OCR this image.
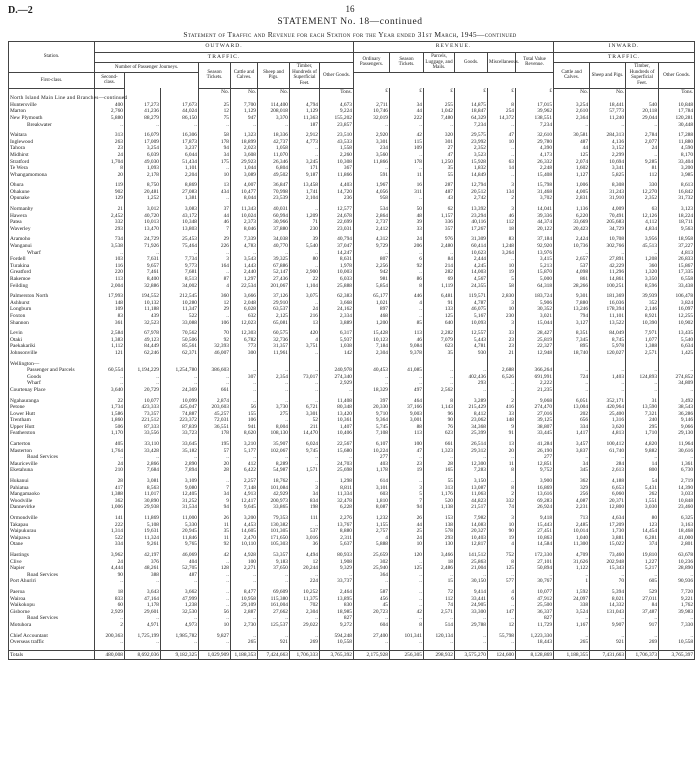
D.—2	16
STATEMENT No. 18—continued
Statement of Traffic and Revenue for each Station for the Year ended 31st March, 1945—continued
Station.	OUTWARD.								REVENUE.						INWARD.			
	TRAFFIC.								Ordinary Passengers.	Season Tickets.	Parcels, Luggage, and Mails.	Goods.	Miscellaneous.	Total Value Revenue.	TRAFFIC.			
	Number of Passenger Journeys.			Season Tickets.	Cattle and Calves.	Sheep and Pigs.	Timber, Hundreds of Superficial Feet.	Other Goods.							Cattle and Calves.	Sheep and Pigs.	Timber, Hundreds of Superficial Feet.	Other Goods.
First-class.	Second-class.																	
				No.	No.	No.		Tons.	£	£	£	£	£	£	No.	No.		Tons.
North Island Main Line and Branches—continued																		
Huntersville	400	17,273	17,673	25	7,700	114,400	4,794	4,673	2,711	34	255	14,875	8	17,015	3,254	18,441	540	10,848
Marton	2,760	41,236	44,024	12	1,129	208,018	1,129	9,224	10,746	44	1,042	18,847	254	39,962	2,610	57,773	20,118	17,784
New Plymouth	5,880	88,279	86,150	75	947	3,370	11,363	155,202	32,019	222	7,480	64,329	14,372	138,551	2,364	11,240	29,044	120,281
Breakwater	..	..	..	..	..	..	187	23,857	..	..	..	7,234	..	7,234	..	..	..	30,448

Waitara	313	16,079	16,306	58	1,323	18,336	2,912	23,510	2,920	42	320	29,575	47	32,610	30,581	284,313	2,784	17,288
Inglewood	263	17,009	17,873	178	18,899	42,737	4,773	43,533	3,301	115	301	23,992	10	29,780	487	4,136	2,077	11,880
Tahora	23	3,254	3,237	94	2,023	1,058	..	1,558	234	109	27	2,352	..	4,390	44	3,152	24	4,590
Midhirst	24	6,039	6,044	34	3,608	11,070	..	2,260	3,560	..	47	3,523	..	4,173	125	2,299	..	8,170
Stratford	1,704	49,030	51,434	175	29,923	26,346	3,245	10,308	11,866	178	1,250	15,928	63	26,332	2,074	10,694	9,285	33,404
Te Wera	8	1,093	1,101	..	1,044	6,804	171	367	..	..	35	1,832	14	2,248	1,602	3,341	81	3,200
Whangamomona	20	2,178	2,204	10	3,089	49,502	9,187	11,866	591	11	55	14,849	..	15,408	1,127	5,825	112	3,985

Ohura	119	8,750	8,869	13	4,007	36,847	13,458	4,403	1,967	16	287	12,794	3	15,798	1,006	8,308	330	8,613
Ohakune	902	20,481	27,083	434	10,477	70,998	1,741	14,720	4,056	311	487	20,512	134	31,468	4,005	31,243	12,270	16,842
Opunake	129	1,252	1,381	..	8,044	23,539	2,104	236	958	..	43	2,742	2	3,702	2,831	31,910	2,352	31,732

Normanby	21	3,012	3,083	37	11,343	40,031	..	12,577	534	50	62	13,392	3	14,041	1,136	4,009	63	3,123
Hawera	2,452	40,720	43,172	44	10,024	60,994	1,209	24,678	2,864	48	1,157	23,294	46	39,336	6,220	70,491	12,126	18,224
Patea	332	10,013	10,348	46	2,373	30,966	71	22,699	2,737	39	336	40,116	112	44,374	33,669	205,683	4,112	18,711
Waverley	293	13,470	13,803	7	8,046	37,880	230	23,031	2,412	33	357	17,267	18	20,122	20,423	34,729	4,834	9,563

Aramoho	734	24,729	25,453	29	7,339	34,038	39	40,794	4,312	24	976	31,309	83	37,184	2,424	10,708	3,956	18,958
Wanganui	3,538	71,926	75,464	226	4,783	40,770	5,540	37,047	9,729	206	2,480	60,414	1,248	92,920	10,736	302,766	45,513	37,227
Wharf	..	..	..	..	..	..	..	14,247	..	..	..	10,623	3,264	13,976	..	..	..	4,813
Fordell	103	7,631	7,734	3	3,543	39,325	80	8,631	807	6	84	2,444	..	3,415	2,657	27,891	1,208	26,833
Turakina	116	9,657	9,773	164	1,443	67,886	..	1,978	2,256	92	214	4,245	10	5,213	537	42,229	360	15,867
Greatford	220	7,461	7,681	..	2,440	52,147	2,900	10,003	942	..	282	14,003	19	15,870	4,098	11,296	1,320	17,335
Rakemoe	113	8,400	8,513	87	1,297	27,436	22	6,033	981	86	69	4,567	5	5,000	861	14,861	3,350	6,558
Feilding	2,004	32,886	34,002	4	22,534	201,067	1,104	25,888	5,854	8	1,119	24,355	58	64,318	28,266	100,251	8,596	33,438

Palmerston North	17,993	194,552	212,545	360	3,666	37,126	3,075	62,383	65,177	446	6,481	119,571	2,830	183,724	9,301	181,369	39,939	106,478
Ashhurst	148	10,132	10,280	12	2,048	29,910	..	3,668	1,021	4	91	4,787	3	5,906	7,880	16,036	352	3,824
Longburn	109	11,188	11,347	29	6,028	63,537	24	24,162	897	..	133	46,075	10	30,352	13,246	178,394	2,146	16,097
Foxton	83	439	522	..	632	2,125	216	2,334	468	..	125	5,167	230	3,021	794	11,101	8,921	12,255
Shannon	361	32,523	33,088	106	12,023	65,081	13	3,889	1,200	85	640	10,093	3	15,044	3,127	13,522	10,390	10,902

Levin	2,584	67,978	70,562	70	12,303	60,575	420	6,317	15,428	113	2,282	12,557	33	28,427	8,351	84,049	7,971	13,435
Otaki	1,383	49,123	50,506	92	6,782	32,736	4	5,937	10,123	46	7,079	5,443	23	25,819	7,345	8,745	1,077	5,540
Paekakariki	1,112	84,449	85,561	32,393	773	31,357	3,751	1,038	7,184	9,084	623	4,781	23	22,327	895	5,978	1,388	6,634
Johnsonville	121	62,246	62,371	46,007	300	11,961	..	142	2,304	9,378	35	930	21	12,948	18,740	120,027	2,571	1,425

Wellington—																		
Passenger and Parcels	60,554	1,194,229	1,254,780	386,603	..	..	..	240,978	40,453	41,085	..	..	2,688	366,264	..	..	..	..
Goods	..	..	..	..	307	2,354	73,017	274,340	..	..	..	402,436	6,526	691,991	724	1,403	124,893	274,852
Wharf	..	..	..	..	..	..	..	2,929	..	..	..	293	..	2,222	..	..	..	34,809
Courtenay Place	3,640	20,729	24,369	661	..	..	..	..	18,329	497	2,562	..	..	21,235	..	..	..	..

Ngahauranga	22	10,077	10,099	2,874	..	..	..	11,408	397	464	8	3,289	2	9,068	6,051	352,171	31	3,492
Petone	1,734	423,333	425,047	203,603	56	3,730	6,721	80,348	20,330	37,166	1,143	215,429	416	274,470	13,004	420,964	13,590	38,543
Lower Hutt	1,586	73,357	74,887	45,257	155	275	3,301	13,420	9,710	9,003	96	8,412	33	27,016	202	25,400	7,321	36,286
Trentham	1,860	221,512	223,372	72,031	106	..	52	10,361	9,364	3,001	90	23,062	148	39,125	656	1,316	240	9,146
Upper Hutt	506	87,333	87,839	36,551	941	8,004	211	1,407	5,745	88	76	34,368	9	38,807	334	3,620	295	9,066
Featherston	1,170	33,556	33,723	178	8,620	108,130	14,470	10,406	7,108	113	623	25,399	91	33,445	1,417	4,813	1,710	29,130

Carterton	405	33,110	33,645	195	3,210	35,907	6,024	22,567	6,107	100	661	26,514	13	41,284	3,457	100,412	4,820	11,964
Masterton	1,764	33,428	35,182	57	5,177	102,067	9,745	15,680	10,224	47	1,323	29,312	20	26,190	3,837	61,740	9,882	30,616
Road Services	..	..	..	..	..	..	..	..	277	..	..	..	..	277	..	..	..	..
Mauriceville	24	2,866	2,890	20	412	8,289	..	24,703	403	23	28	12,300	11	12,851	34	284	14	1,361
Eketahuna	210	7,684	7,894	28	6,422	54,987	1,571	25,698	1,178	19	165	7,283	8	9,752	345	2,613	800	6,730

Hukanui	28	3,081	3,109	..	2,257	18,762	..	1,298	614	..	55	3,150	..	3,900	362	4,188	54	2,719
Pahiatua	417	8,563	9,080	7	7,148	101,084	3	8,811	3,101	3	313	13,087	8	16,869	329	6,653	5,431	14,390
Mangamaoko	1,388	11,017	12,405	34	4,913	42,929	34	11,334	603	5	1,176	11,063	2	13,616	256	6,060	262	3,033
Woodville	362	30,890	31,252	9	12,417	200,973	834	32,478	1,810	7	520	44,823	332	69,283	4,087	20,371	1,551	10,848
Dannevirke	1,006	29,938	31,534	94	9,645	33,865	198	6,228	8,087	94	1,138	21,517	74	26,924	2,231	12,800	3,030	23,460

Ormondville	141	11,869	11,000	26	3,200	79,353	111	2,276	1,232	26	153	7,982	3	9,418	713	4,634	80	6,325
Takapau	222	5,108	5,330	11	4,453	130,382	..	13,767	1,155	44	138	14,083	10	15,443	2,485	17,209	123	3,163
Waipukurau	1,314	19,631	20,945	35	14,605	101,305	537	8,880	2,757	25	578	20,327	90	27,451	10,014	1,730	14,454	18,468
Waipawa	522	11,324	11,846	11	2,470	171,650	3,016	2,311	4	24	293	10,403	19	10,863	1,040	3,881	6,281	41,000
Otane	334	9,261	9,765	92	10,110	105,303	36	5,637	5,888	10	130	12,817	4	14,584	11,300	15,022	374	2,801

Hastings	3,962	42,197	46,069	42	4,928	53,357	4,494	80,933	25,659	120	3,466	141,512	752	172,330	4,709	73,460	19,810	63,678
Clive	24	376	404	..	100	9,183	12	1,908	302	..	18	25,863	8	27,101	31,626	202,948	1,227	10,236
Napier	4,444	48,261	52,705	128	2,271	37,650	20,244	9,329	25,940	125	2,486	21,004	125	50,894	1,122	15,343	5,217	28,890
Road Services	90	388	487	..	..	..	..	..	364	..	..	..	..	..	..	..	..	..
Port Ahuriri	..	..	..	..	..	..	224	33,737	..	..	15	30,150	577	30,767	1	70	605	90,936

Paeroa	18	3,643	3,662	..	8,477	69,609	10,252	2,464	587	..	72	9,414	4	10,077	1,592	5,394	529	7,720
Wairoa	833	47,164	47,999	..	10,958	115,380	11,375	13,895	456	..	112	33,441	6	47,912	24,097	8,021	27,011	9,221
Waikokopu	60	1,178	1,238	..	29,109	161,004	702	830	45	..	74	24,905	..	25,500	338	14,332	84	1,762
Gisborne	2,929	29,601	32,530	56	2,887	27,662	2,304	18,985	20,723	42	2,571	33,300	147	36,337	3,524	131,043	37,487	39,983
Road Services	..	..	..	..	..	..	..	827	..	..	..	..	..	827	..	..	..	..
Motuhora	2	4,971	4,973	10	2,730	125,537	29,022	9,272	604	8	514	29,788	12	11,729	1,167	9,907	917	7,330

Chief Accountant	200,363	1,725,199	1,985,782	9,827	..	..	..	594,248	27,400	101,341	120,134	..	55,798	1,223,330	..	..	..	..
Overseas traffic	..	..	..	..	265	921	269	10,558	..	..	..	..	..	18,443	265	921	269	10,558

Totals	480,008	8,692,036	9,182,325	1,029,909	1,188,353	7,424,663	1,706,333	3,765,392	2,175,928	256,305	298,932	3,575,270	124,600	8,128,869	1,188,355	7,431,663	1,706,373	3,765,397
